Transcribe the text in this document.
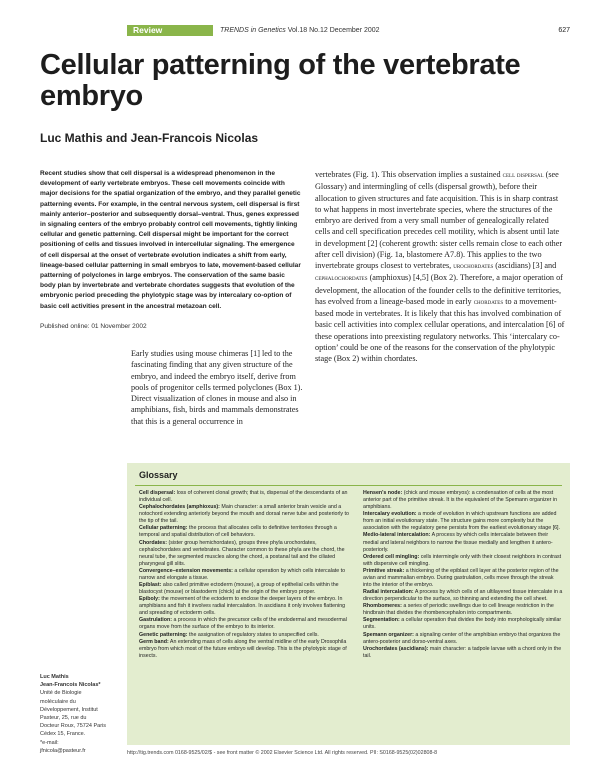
Review	TRENDS in Genetics Vol.18 No.12 December 2002	627
Cellular patterning of the vertebrate embryo
Luc Mathis and Jean-Francois Nicolas

Recent studies show that cell dispersal is a widespread phenomenon in the development of early vertebrate embryos. These cell movements coincide with major decisions for the spatial organization of the embryo, and they parallel genetic patterning events. For example, in the central nervous system, cell dispersal is first mainly anterior–posterior and subsequently dorsal–ventral. Thus, genes expressed in signaling centers of the embryo probably control cell movements, tightly linking cellular and genetic patterning. Cell dispersal might be important for the correct positioning of cells and tissues involved in intercellular signaling. The emergence of cell dispersal at the onset of vertebrate evolution indicates a shift from early, lineage-based cellular patterning in small embryos to late, movement-based cellular patterning of polyclones in large embryos. The conservation of the same basic body plan by invertebrate and vertebrate chordates suggests that evolution of the embryonic period preceding the phylotypic stage was by intercalary co-option of basic cell activities present in the ancestral metazoan cell.

Published online: 01 November 2002

Early studies using mouse chimeras [1] led to the fascinating finding that any given structure of the embryo, and indeed the embryo itself, derive from pools of progenitor cells termed polyclones (Box 1). Direct visualization of clones in mouse and also in amphibians, fish, birds and mammals demonstrates that this is a general occurrence in

vertebrates (Fig. 1). This observation implies a sustained cell dispersal (see Glossary) and intermingling of cells (dispersal growth), before their allocation to given structures and fate acquisition. This is in sharp contrast to what happens in most invertebrate species, where the structures of the embryo are derived from a very small number of genealogically related cells and cell specification precedes cell motility, which is absent until late in development [2] (coherent growth: sister cells remain close to each other after cell division) (Fig. 1a, blastomere A7.8). This applies to the two invertebrate groups closest to vertebrates, urochordates (ascidians) [3] and cephalochordates (amphioxus) [4,5] (Box 2). Therefore, a major operation of development, the allocation of the founder cells to the definitive territories, has evolved from a lineage-based mode in early chordates to a movement-based mode in vertebrates. It is likely that this has involved combination of basic cell activities into complex cellular operations, and intercalation [6] of these operations into preexisting regulatory networks. This ‘intercalary co-option’ could be one of the reasons for the conservation of the phylotypic stage (Box 2) within chordates.

Glossary

Cell dispersal: loss of coherent clonal growth; that is, dispersal of the descendants of an individual cell.

Cephalochordates (amphioxus): Main character: a small anterior brain vesicle and a notochord extending anteriorly beyond the mouth and dorsal nerve tube and posteriorly to the tip of the tail.

Cellular patterning: the process that allocates cells to definitive territories through a temporal and spatial distribution of cell behaviors.

Chordates: (sister group hemichordates), groups three phyla urochordates, cephalochordates and vertebrates. Character common to these phyla are the chord, the neural tube, the segmented muscles along the chord, a postanal tail and the ciliated pharyngeal gill slits.

Convergence–extension movements: a cellular operation by which cells intercalate to narrow and elongate a tissue.

Epiblast: also called primitive ectoderm (mouse), a group of epithelial cells within the blastocyst (mouse) or blastoderm (chick) at the origin of the embryo proper.

Epiboly: the movement of the ectoderm to enclose the deeper layers of the embryo. In amphibians and fish it involves radial intercalation. In ascidians it only involves flattening and spreading of ectoderm cells.

Gastrulation: a process in which the precursor cells of the endodermal and mesodermal organs move from the surface of the embryo to its interior.

Genetic patterning: the assignation of regulatory states to unspecified cells.

Germ band: An extending mass of cells along the ventral midline of the early Drosophila embryo from which most of the future embryo will develop. This is the phylotypic stage of insects.

Hensen's node: (chick and mouse embryos): a condensation of cells at the most anterior part of the primitive streak. It is the equivalent of the Spemann organizer in amphibians.

Intercalary evolution: a mode of evolution in which upstream functions are added from an initial evolutionary state. The structure gains more complexity but the association with the regulatory gene persists from the earliest evolutionary stage [6].

Medio-lateral intercalation: A process by which cells intercalate between their medial and lateral neighbors to narrow the tissue medially and lengthen it antero-posteriorly.

Ordered cell mingling: cells intermingle only with their closest neighbors in contrast with dispersive cell mingling.

Primitive streak: a thickening of the epiblast cell layer at the posterior region of the avian and mammalian embryo. During gastrulation, cells move through the streak into the interior of the embryo.

Radial intercalation: A process by which cells of an ultilayered tissue intercalate in a direction perpendicular to the surface, so thinning and extending the cell sheet.

Rhombomeres: a series of periodic swellings due to cell lineage restriction in the hindbrain that divides the rhombencephalon into compartments.

Segmentation: a cellular operation that divides the body into morphologically similar units.

Spemann organizer: a signaling center of the amphibian embryo that organizes the antero-posterior and dorso-ventral axes.

Urochordates (ascidians): main character: a tadpole larvae with a chord only in the tail.

Luc Mathis
Jean-Francois Nicolas*
Unité de Biologie
moléculaire du
Développement, Institut
Pasteur, 25, rue du
Docteur Roux, 75724 Paris
Cédex 15, France.
*e-mail:
jfnicola@pasteur.fr	http://tig.trends.com 0168-9525/02/$ - see front matter © 2002 Elsevier Science Ltd. All rights reserved. PII: S0168-9525(02)02808-8
